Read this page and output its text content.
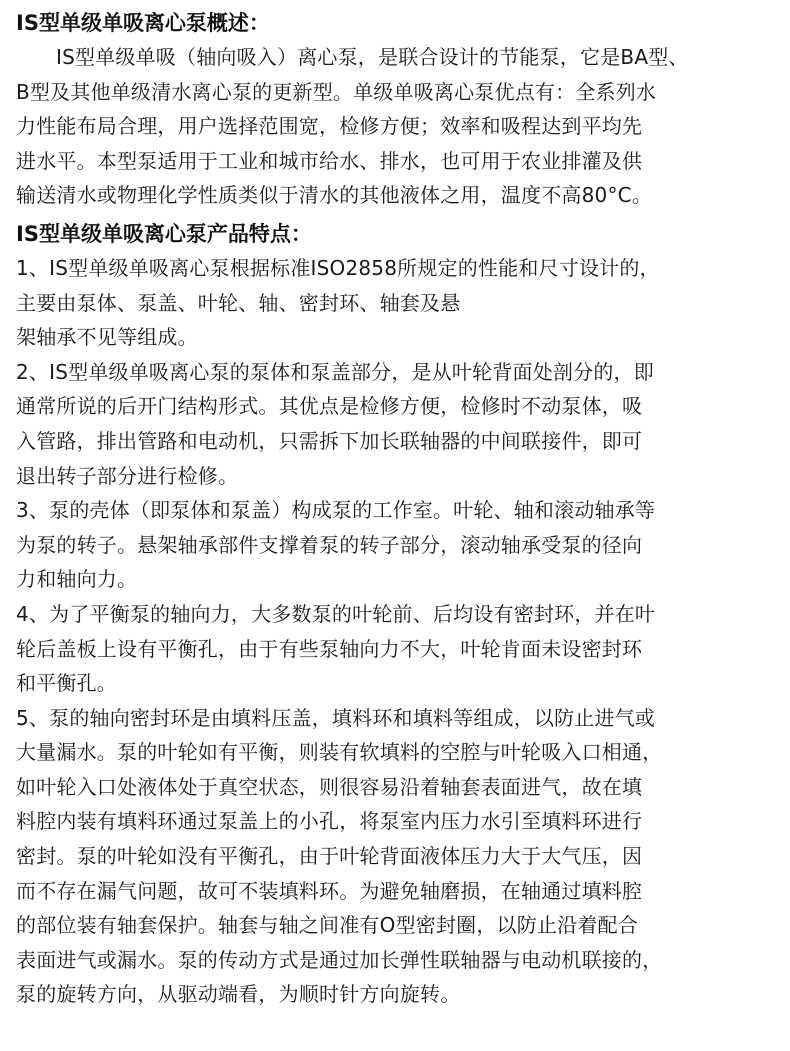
IS型单级单吸离心泵概述：
IS型单级单吸（轴向吸入）离心泵，是联合设计的节能泵，它是BA型、
B型及其他单级清水离心泵的更新型。单级单吸离心泵优点有：全系列水
力性能布局合理，用户选择范围宽，检修方便；效率和吸程达到平均先
进水平。本型泵适用于工业和城市给水、排水，也可用于农业排灌及供
输送清水或物理化学性质类似于清水的其他液体之用，温度不高80°C。
IS型单级单吸离心泵产品特点：
1、IS型单级单吸离心泵根据标准ISO2858所规定的性能和尺寸设计的，
主要由泵体、泵盖、叶轮、轴、密封环、轴套及悬
架轴承不见等组成。
2、IS型单级单吸离心泵的泵体和泵盖部分，是从叶轮背面处剖分的，即
通常所说的后开门结构形式。其优点是检修方便，检修时不动泵体，吸
入管路，排出管路和电动机，只需拆下加长联轴器的中间联接件，即可
退出转子部分进行检修。
3、泵的壳体（即泵体和泵盖）构成泵的工作室。叶轮、轴和滚动轴承等
为泵的转子。悬架轴承部件支撑着泵的转子部分，滚动轴承受泵的径向
力和轴向力。
4、为了平衡泵的轴向力，大多数泵的叶轮前、后均设有密封环，并在叶
轮后盖板上设有平衡孔，由于有些泵轴向力不大，叶轮肯面未设密封环
和平衡孔。
5、泵的轴向密封环是由填料压盖，填料环和填料等组成，以防止进气或
大量漏水。泵的叶轮如有平衡，则装有软填料的空腔与叶轮吸入口相通，
如叶轮入口处液体处于真空状态，则很容易沿着轴套表面进气，故在填
料腔内装有填料环通过泵盖上的小孔，将泵室内压力水引至填料环进行
密封。泵的叶轮如没有平衡孔，由于叶轮背面液体压力大于大气压，因
而不存在漏气问题，故可不装填料环。为避免轴磨损，在轴通过填料腔
的部位装有轴套保护。轴套与轴之间准有O型密封圈，以防止沿着配合
表面进气或漏水。泵的传动方式是通过加长弹性联轴器与电动机联接的，
泵的旋转方向，从驱动端看，为顺时针方向旋转。
